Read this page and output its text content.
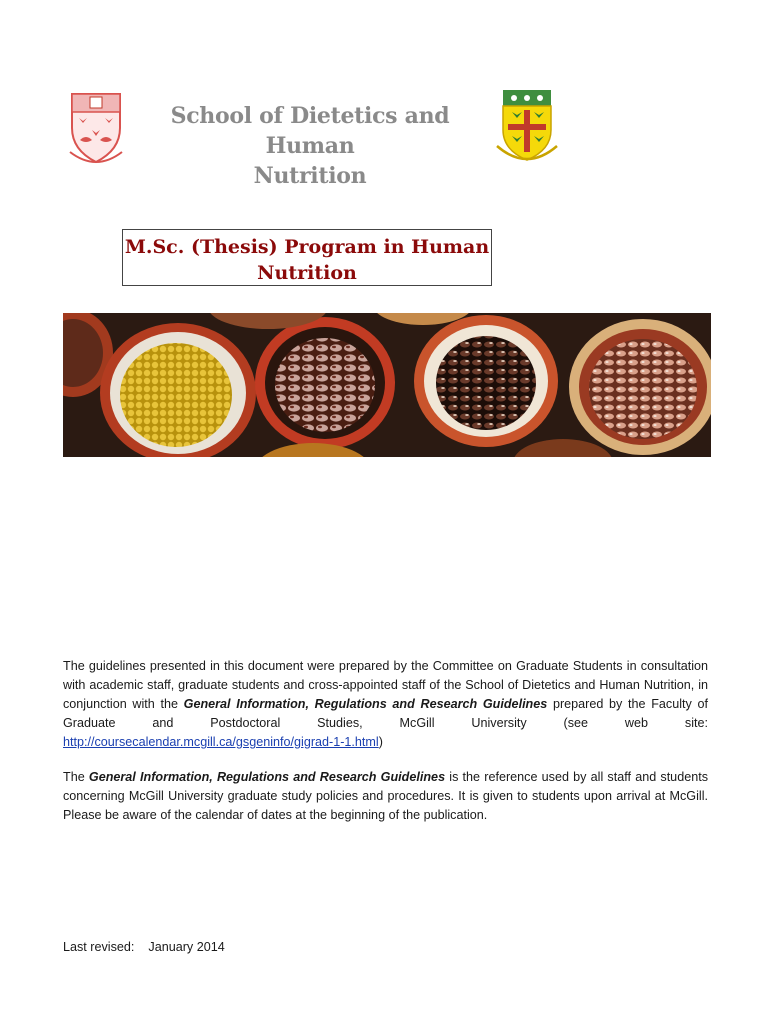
School of Dietetics and Human
Nutrition
M.Sc. (Thesis) Program in Human
Nutrition
The guidelines presented in this document were prepared by the Committee on Graduate Students in consultation with academic staff, graduate students and cross-appointed staff of the School of Dietetics and Human Nutrition, in conjunction with the General Information, Regulations and Research Guidelines prepared by the Faculty of Graduate and Postdoctoral Studies, McGill University (see web site: http://coursecalendar.mcgill.ca/gsgeninfo/gigrad-1-1.html)
The General Information, Regulations and Research Guidelines is the reference used by all staff and students concerning McGill University graduate study policies and procedures. It is given to students upon arrival at McGill. Please be aware of the calendar of dates at the beginning of the publication.
Last revised: January 2014
